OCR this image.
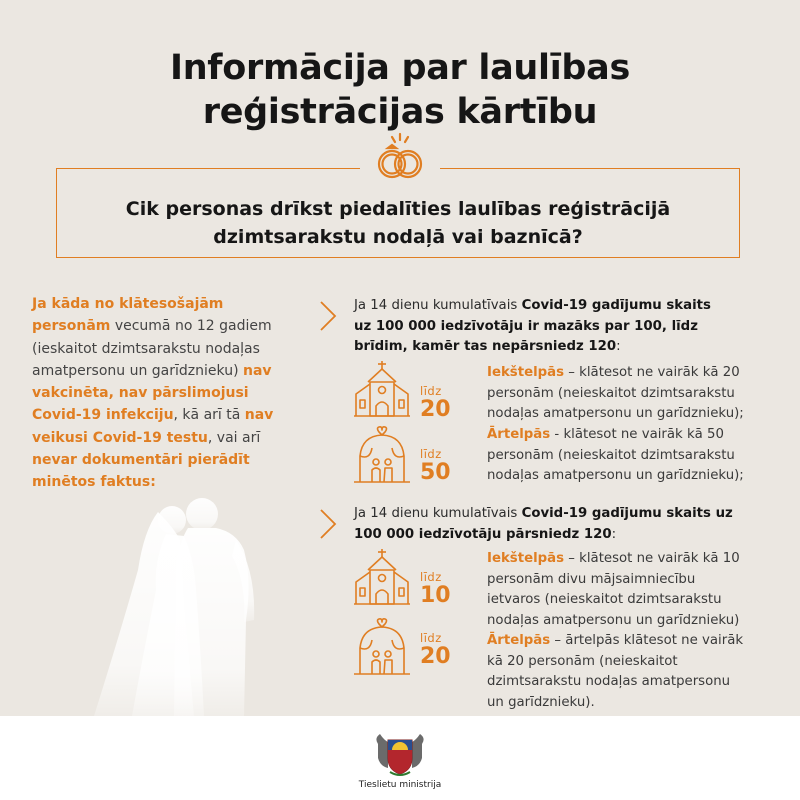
Informācija par laulības
reģistrācijas kārtību
Cik personas drīkst piedalīties laulības reģistrācijā
dzimtsarakstu nodaļā vai baznīcā?

Ja kāda no klātesošajām personām vecumā no 12 gadiem (ieskaitot dzimtsarakstu nodaļas amatpersonu un garīdznieku) nav vakcinēta, nav pārslimojusi Covid-19 infekciju, kā arī tā nav veikusi Covid-19 testu, vai arī nevar dokumentāri pierādīt minētos faktus:

Ja 14 dienu kumulatīvais Covid-19 gadījumu skaits uz 100 000 iedzīvotāju ir mazāks par 100, līdz brīdim, kamēr tas nepārsniedz 120:

līdz
20

Iekštelpās – klātesot ne vairāk kā 20 personām (neieskaitot dzimtsarakstu nodaļas amatpersonu un garīdznieku);

līdz
50

Ārtelpās - klātesot ne vairāk kā 50 personām (neieskaitot dzimtsarakstu nodaļas amatpersonu un garīdznieku);

Ja 14 dienu kumulatīvais Covid-19 gadījumu skaits uz 100 000 iedzīvotāju pārsniedz 120:

līdz
10

Iekštelpās – klātesot ne vairāk kā 10 personām divu mājsaimniecību ietvaros (neieskaitot dzimtsarakstu nodaļas amatpersonu un garīdznieku)

līdz
20

Ārtelpās – ārtelpās klātesot ne vairāk kā 20 personām (neieskaitot dzimtsarakstu nodaļas amatpersonu un garīdznieku).

Tieslietu ministrija
